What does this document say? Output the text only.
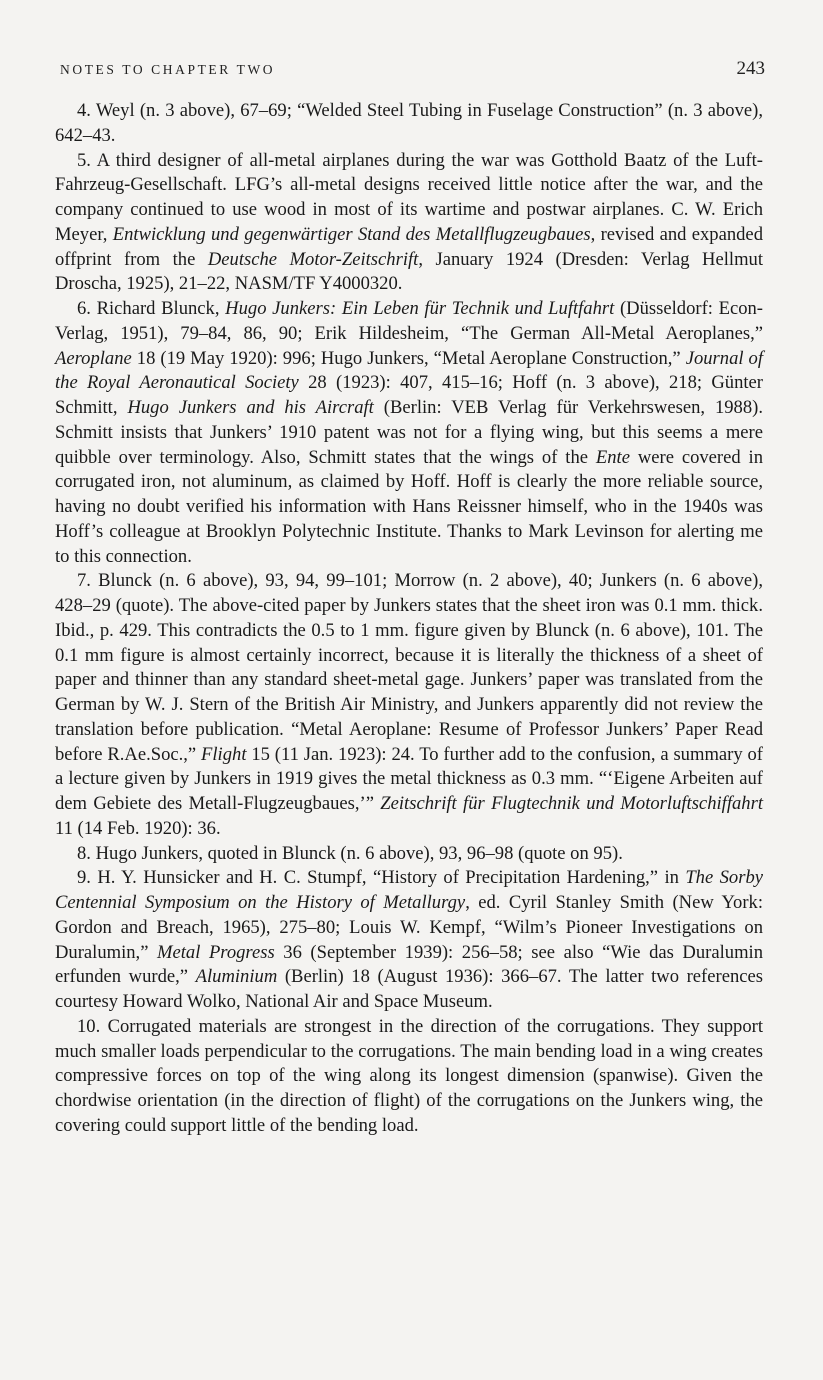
NOTES TO CHAPTER TWO	243

4. Weyl (n. 3 above), 67–69; “Welded Steel Tubing in Fuselage Construction” (n. 3 above), 642–43.

5. A third designer of all-metal airplanes during the war was Gotthold Baatz of the Luft-Fahrzeug-Gesellschaft. LFG’s all-metal designs received little notice after the war, and the company continued to use wood in most of its wartime and postwar airplanes. C. W. Erich Meyer, Entwicklung und gegenwärtiger Stand des Metallflugzeugbaues, revised and expanded offprint from the Deutsche Motor-Zeitschrift, January 1924 (Dresden: Verlag Hellmut Droscha, 1925), 21–22, NASM/TF Y4000320.

6. Richard Blunck, Hugo Junkers: Ein Leben für Technik und Luftfahrt (Düsseldorf: Econ-Verlag, 1951), 79–84, 86, 90; Erik Hildesheim, “The German All-Metal Aeroplanes,” Aeroplane 18 (19 May 1920): 996; Hugo Junkers, “Metal Aeroplane Construction,” Journal of the Royal Aeronautical Society 28 (1923): 407, 415–16; Hoff (n. 3 above), 218; Günter Schmitt, Hugo Junkers and his Aircraft (Berlin: VEB Verlag für Verkehrswesen, 1988). Schmitt insists that Junkers’ 1910 patent was not for a flying wing, but this seems a mere quibble over terminology. Also, Schmitt states that the wings of the Ente were covered in corrugated iron, not aluminum, as claimed by Hoff. Hoff is clearly the more reliable source, having no doubt verified his information with Hans Reissner himself, who in the 1940s was Hoff’s colleague at Brooklyn Polytechnic Institute. Thanks to Mark Levinson for alerting me to this connection.

7. Blunck (n. 6 above), 93, 94, 99–101; Morrow (n. 2 above), 40; Junkers (n. 6 above), 428–29 (quote). The above-cited paper by Junkers states that the sheet iron was 0.1 mm. thick. Ibid., p. 429. This contradicts the 0.5 to 1 mm. figure given by Blunck (n. 6 above), 101. The 0.1 mm figure is almost certainly incorrect, because it is literally the thickness of a sheet of paper and thinner than any standard sheet-metal gage. Junkers’ paper was translated from the German by W. J. Stern of the British Air Ministry, and Junkers apparently did not review the translation before publication. “Metal Aeroplane: Resume of Professor Junkers’ Paper Read before R.Ae.Soc.,” Flight 15 (11 Jan. 1923): 24. To further add to the confusion, a summary of a lecture given by Junkers in 1919 gives the metal thickness as 0.3 mm. “‘Eigene Arbeiten auf dem Gebiete des Metall-Flugzeugbaues,’” Zeitschrift für Flugtechnik und Motorluftschiffahrt 11 (14 Feb. 1920): 36.

8. Hugo Junkers, quoted in Blunck (n. 6 above), 93, 96–98 (quote on 95).

9. H. Y. Hunsicker and H. C. Stumpf, “History of Precipitation Hardening,” in The Sorby Centennial Symposium on the History of Metallurgy, ed. Cyril Stanley Smith (New York: Gordon and Breach, 1965), 275–80; Louis W. Kempf, “Wilm’s Pioneer Investigations on Duralumin,” Metal Progress 36 (September 1939): 256–58; see also “Wie das Duralumin erfunden wurde,” Aluminium (Berlin) 18 (August 1936): 366–67. The latter two references courtesy Howard Wolko, National Air and Space Museum.

10. Corrugated materials are strongest in the direction of the corrugations. They support much smaller loads perpendicular to the corrugations. The main bending load in a wing creates compressive forces on top of the wing along its longest dimension (spanwise). Given the chordwise orientation (in the direction of flight) of the corrugations on the Junkers wing, the covering could support little of the bending load.
